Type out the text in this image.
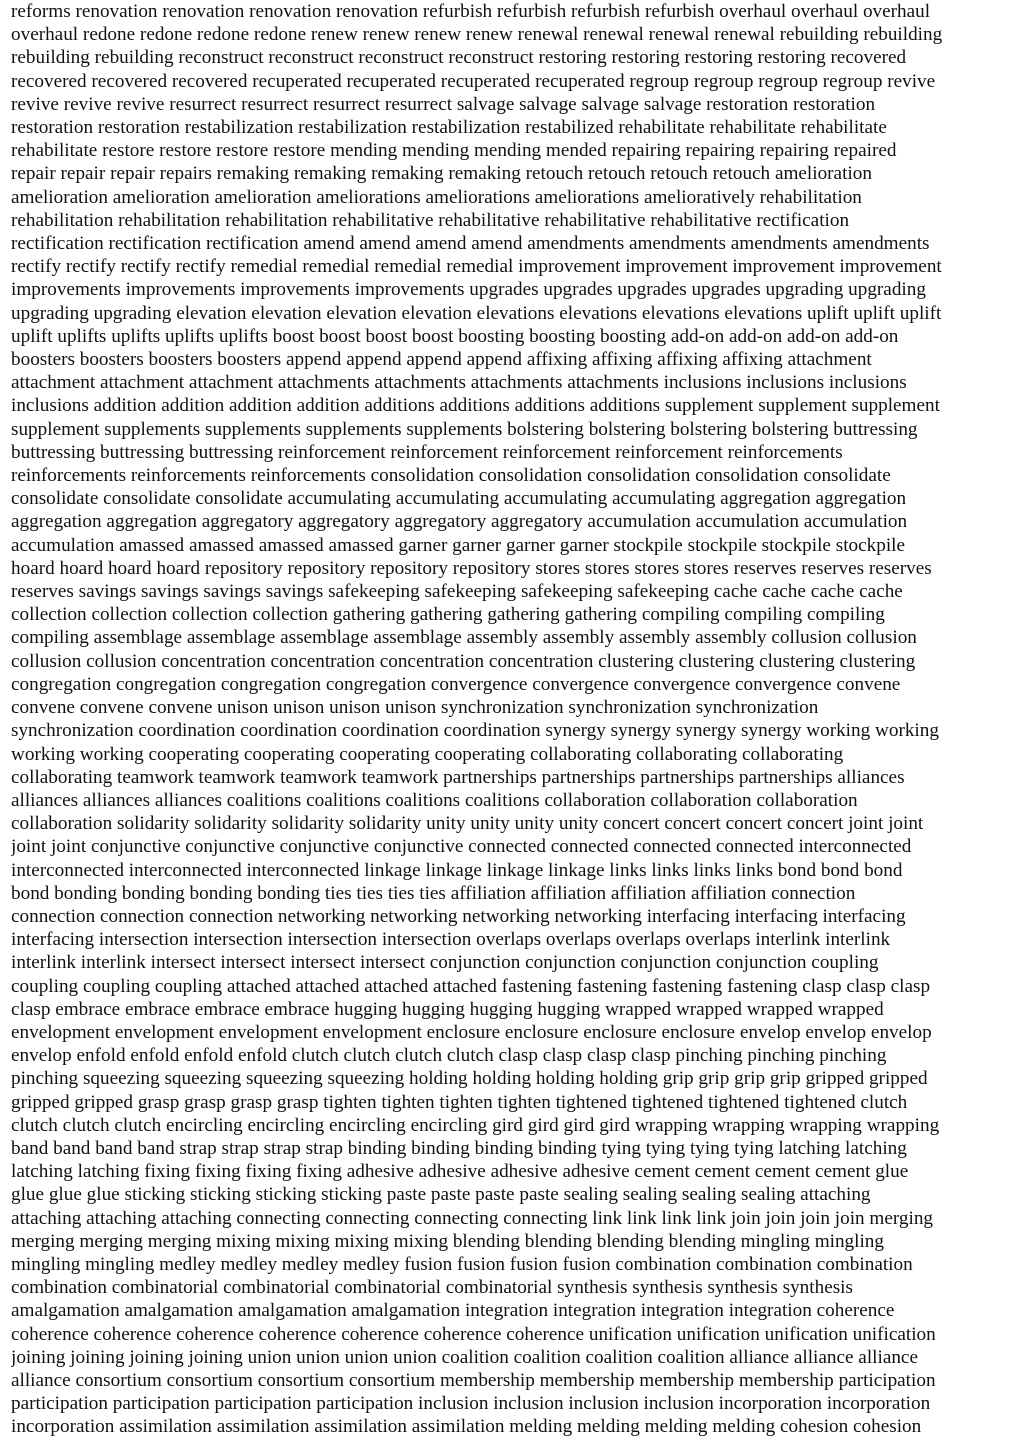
reforms renovation renovation renovation renovation refurbish refurbish refurbish refurbish overhaul overhaul overhaul

overhaul redone redone redone redone renew renew renew renew renewal renewal renewal renewal rebuilding rebuilding

rebuilding rebuilding reconstruct reconstruct reconstruct reconstruct restoring restoring restoring restoring recovered

recovered recovered recovered recuperated recuperated recuperated recuperated regroup regroup regroup regroup revive

revive revive revive resurrect resurrect resurrect resurrect salvage salvage salvage salvage restoration restoration

restoration restoration restabilization restabilization restabilization restabilized rehabilitate rehabilitate rehabilitate

rehabilitate restore restore restore restore mending mending mending mended repairing repairing repairing repaired

repair repair repair repairs remaking remaking remaking remaking retouch retouch retouch retouch amelioration

amelioration amelioration amelioration ameliorations ameliorations ameliorations amelioratively rehabilitation

rehabilitation rehabilitation rehabilitation rehabilitative rehabilitative rehabilitative rehabilitative rectification

rectification rectification rectification amend amend amend amend amendments amendments amendments amendments

rectify rectify rectify rectify remedial remedial remedial remedial improvement improvement improvement improvement

improvements improvements improvements improvements upgrades upgrades upgrades upgrades upgrading upgrading

upgrading upgrading elevation elevation elevation elevation elevations elevations elevations elevations uplift uplift uplift

uplift uplifts uplifts uplifts uplifts boost boost boost boost boosting boosting boosting add-on add-on add-on add-on

boosters boosters boosters boosters append append append append affixing affixing affixing affixing attachment

attachment attachment attachment attachments attachments attachments attachments inclusions inclusions inclusions

inclusions addition addition addition addition additions additions additions additions supplement supplement supplement

supplement supplements supplements supplements supplements bolstering bolstering bolstering bolstering buttressing

buttressing buttressing buttressing reinforcement reinforcement reinforcement reinforcement reinforcements

reinforcements reinforcements reinforcements consolidation consolidation consolidation consolidation consolidate

consolidate consolidate consolidate accumulating accumulating accumulating accumulating aggregation aggregation

aggregation aggregation aggregatory aggregatory aggregatory aggregatory accumulation accumulation accumulation

accumulation amassed amassed amassed amassed garner garner garner garner stockpile stockpile stockpile stockpile

hoard hoard hoard hoard repository repository repository repository stores stores stores stores reserves reserves reserves

reserves savings savings savings savings safekeeping safekeeping safekeeping safekeeping cache cache cache cache

collection collection collection collection gathering gathering gathering gathering compiling compiling compiling

compiling assemblage assemblage assemblage assemblage assembly assembly assembly assembly collusion collusion

collusion collusion concentration concentration concentration concentration clustering clustering clustering clustering

congregation congregation congregation congregation convergence convergence convergence convergence convene

convene convene convene unison unison unison unison synchronization synchronization synchronization

synchronization coordination coordination coordination coordination synergy synergy synergy synergy working working

working working cooperating cooperating cooperating cooperating collaborating collaborating collaborating

collaborating teamwork teamwork teamwork teamwork partnerships partnerships partnerships partnerships alliances

alliances alliances alliances coalitions coalitions coalitions coalitions collaboration collaboration collaboration

collaboration solidarity solidarity solidarity solidarity unity unity unity unity concert concert concert concert joint joint

joint joint conjunctive conjunctive conjunctive conjunctive connected connected connected connected interconnected

interconnected interconnected interconnected linkage linkage linkage linkage links links links links bond bond bond

bond bonding bonding bonding bonding ties ties ties ties affiliation affiliation affiliation affiliation connection

connection connection connection networking networking networking networking interfacing interfacing interfacing

interfacing intersection intersection intersection intersection overlaps overlaps overlaps overlaps interlink interlink

interlink interlink intersect intersect intersect intersect conjunction conjunction conjunction conjunction coupling

coupling coupling coupling attached attached attached attached fastening fastening fastening fastening clasp clasp clasp

clasp embrace embrace embrace embrace hugging hugging hugging hugging wrapped wrapped wrapped wrapped

envelopment envelopment envelopment envelopment enclosure enclosure enclosure enclosure envelop envelop envelop

envelop enfold enfold enfold enfold clutch clutch clutch clutch clasp clasp clasp clasp pinching pinching pinching

pinching squeezing squeezing squeezing squeezing holding holding holding holding grip grip grip grip gripped gripped

gripped gripped grasp grasp grasp grasp tighten tighten tighten tighten tightened tightened tightened tightened clutch

clutch clutch clutch encircling encircling encircling encircling gird gird gird gird wrapping wrapping wrapping wrapping

band band band band strap strap strap strap binding binding binding binding tying tying tying tying latching latching

latching latching fixing fixing fixing fixing adhesive adhesive adhesive adhesive cement cement cement cement glue

glue glue glue sticking sticking sticking sticking paste paste paste paste sealing sealing sealing sealing attaching

attaching attaching attaching connecting connecting connecting connecting link link link link join join join join merging

merging merging merging mixing mixing mixing mixing blending blending blending blending mingling mingling

mingling mingling medley medley medley medley fusion fusion fusion fusion combination combination combination

combination combinatorial combinatorial combinatorial combinatorial synthesis synthesis synthesis synthesis

amalgamation amalgamation amalgamation amalgamation integration integration integration integration coherence

coherence coherence coherence coherence coherence coherence coherence unification unification unification unification

joining joining joining joining union union union union coalition coalition coalition coalition alliance alliance alliance

alliance consortium consortium consortium consortium membership membership membership membership participation

participation participation participation participation inclusion inclusion inclusion inclusion incorporation incorporation

incorporation assimilation assimilation assimilation assimilation melding melding melding melding cohesion cohesion
